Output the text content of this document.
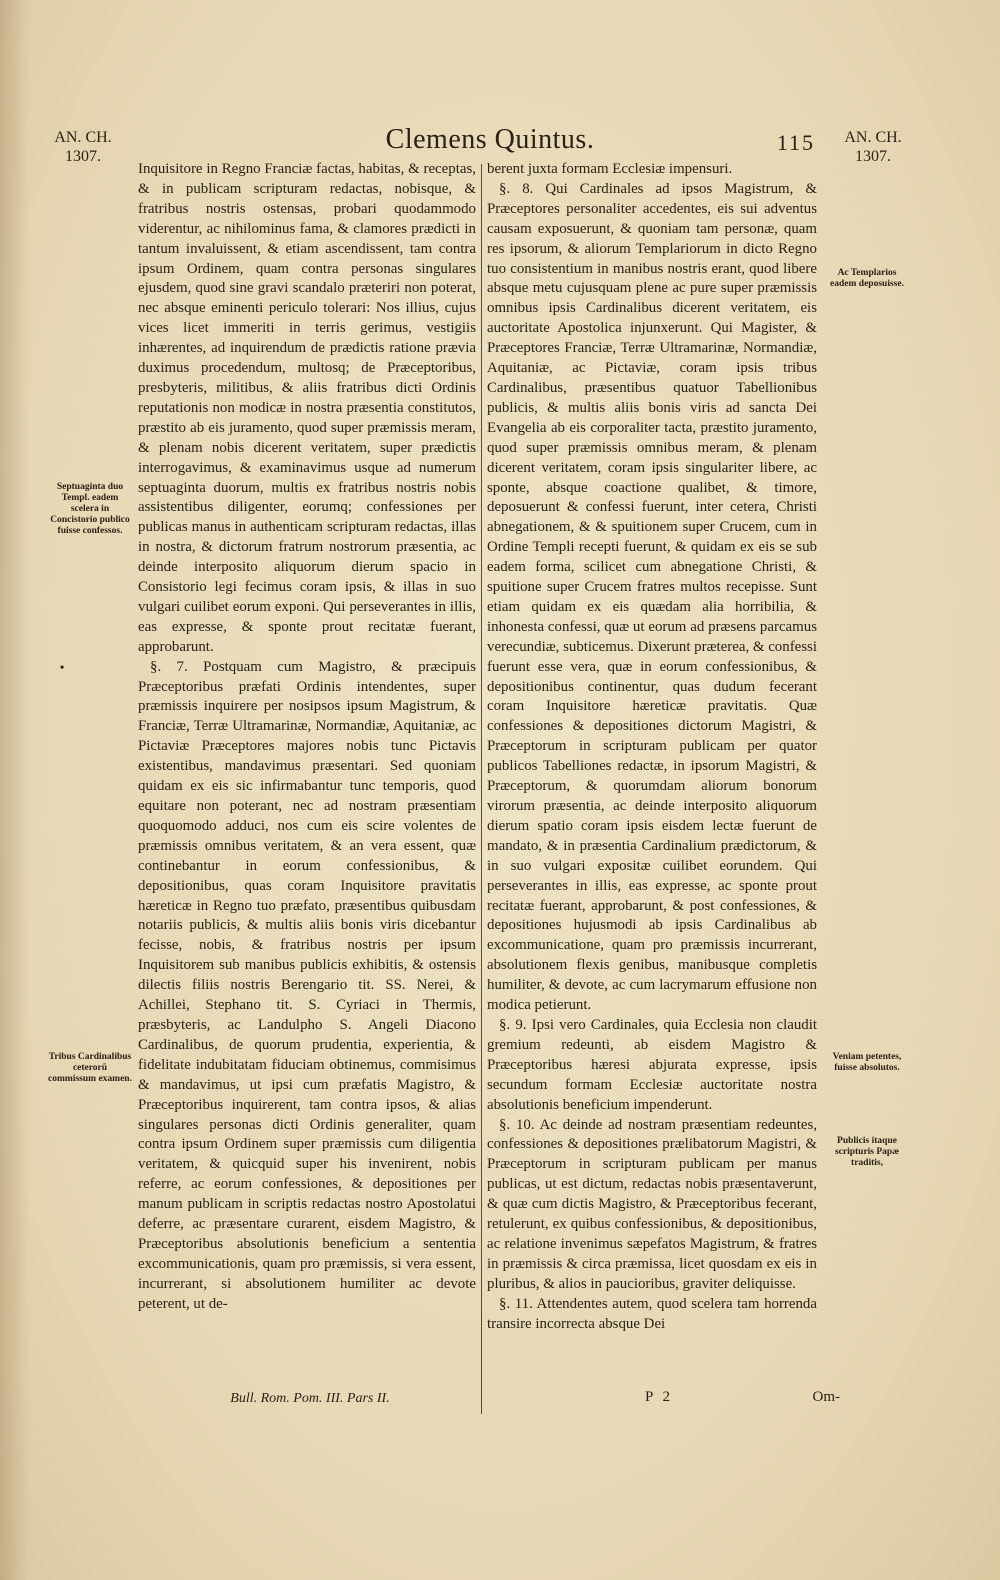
AN. CH.
1307.
Clemens Quintus.	115	AN. CH.
1307.

Inquisitore in Regno Franciæ factas, habitas, & receptas, & in publicam scripturam redactas, nobisque, & fratribus nostris ostensas, probari quodammodo viderentur, ac nihilominus fama, & clamores prædicti in tantum invaluissent, & etiam ascendissent, tam contra ipsum Ordinem, quam contra personas singulares ejusdem, quod sine gravi scandalo præteriri non poterat, nec absque eminenti periculo tolerari: Nos illius, cujus vices licet immeriti in terris gerimus, vestigiis inhærentes, ad inquirendum de prædictis ratione prævia duximus procedendum, multosq; de Præceptoribus, presbyteris, militibus, & aliis fratribus dicti Ordinis reputationis non modicæ in nostra præsentia constitutos, præstito ab eis juramento, quod super præmissis meram, & plenam nobis dicerent veritatem, super prædictis interrogavimus, & examinavimus usque ad numerum septuaginta duorum, multis ex fratribus nostris nobis assistentibus diligenter, eorumq; confessiones per publicas manus in authenticam scripturam redactas, illas in nostra, & dictorum fratrum nostrorum præsentia, ac deinde interposito aliquorum dierum spacio in Consistorio legi fecimus coram ipsis, & illas in suo vulgari cuilibet eorum exponi. Qui perseverantes in illis, eas expresse, & sponte prout recitatæ fuerant, approbarunt.

§. 7. Postquam cum Magistro, & præcipuis Præceptoribus præfati Ordinis intendentes, super præmissis inquirere per nosipsos ipsum Magistrum, & Franciæ, Terræ Ultramarinæ, Normandiæ, Aquitaniæ, ac Pictaviæ Præceptores majores nobis tunc Pictavis existentibus, mandavimus præsentari. Sed quoniam quidam ex eis sic infirmabantur tunc temporis, quod equitare non poterant, nec ad nostram præsentiam quoquomodo adduci, nos cum eis scire volentes de præmissis omnibus veritatem, & an vera essent, quæ continebantur in eorum confessionibus, & depositionibus, quas coram Inquisitore pravitatis hæreticæ in Regno tuo præfato, præsentibus quibusdam notariis publicis, & multis aliis bonis viris dicebantur fecisse, nobis, & fratribus nostris per ipsum Inquisitorem sub manibus publicis exhibitis, & ostensis dilectis filiis nostris Berengario tit. SS. Nerei, & Achillei, Stephano tit. S. Cyriaci in Thermis, præsbyteris, ac Landulpho S. Angeli Diacono Cardinalibus, de quorum prudentia, experientia, & fidelitate indubitatam fiduciam obtinemus, commisimus & mandavimus, ut ipsi cum præfatis Magistro, & Præceptoribus inquirerent, tam contra ipsos, & alias singulares personas dicti Ordinis generaliter, quam contra ipsum Ordinem super præmissis cum diligentia veritatem, & quicquid super his invenirent, nobis referre, ac eorum confessiones, & depositiones per manum publicam in scriptis redactas nostro Apostolatui deferre, ac præsentare curarent, eisdem Magistro, & Præceptoribus absolutionis beneficium a sententia excommunicationis, quam pro præmissis, si vera essent, incurrerant, si absolutionem humiliter ac devote peterent, ut de-

berent juxta formam Ecclesiæ impensuri.

§. 8. Qui Cardinales ad ipsos Magistrum, & Præceptores personaliter accedentes, eis sui adventus causam exposuerunt, & quoniam tam personæ, quam res ipsorum, & aliorum Templariorum in dicto Regno tuo consistentium in manibus nostris erant, quod libere absque metu cujusquam plene ac pure super præmissis omnibus ipsis Cardinalibus dicerent veritatem, eis auctoritate Apostolica injunxerunt. Qui Magister, & Præceptores Franciæ, Terræ Ultramarinæ, Normandiæ, Aquitaniæ, ac Pictaviæ, coram ipsis tribus Cardinalibus, præsentibus quatuor Tabellionibus publicis, & multis aliis bonis viris ad sancta Dei Evangelia ab eis corporaliter tacta, præstito juramento, quod super præmissis omnibus meram, & plenam dicerent veritatem, coram ipsis singulariter libere, ac sponte, absque coactione qualibet, & timore, deposuerunt & confessi fuerunt, inter cetera, Christi abnegationem, & & spuitionem super Crucem, cum in Ordine Templi recepti fuerunt, & quidam ex eis se sub eadem forma, scilicet cum abnegatione Christi, & spuitione super Crucem fratres multos recepisse. Sunt etiam quidam ex eis quædam alia horribilia, & inhonesta confessi, quæ ut eorum ad præsens parcamus verecundiæ, subticemus. Dixerunt præterea, & confessi fuerunt esse vera, quæ in eorum confessionibus, & depositionibus continentur, quas dudum fecerant coram Inquisitore hæreticæ pravitatis. Quæ confessiones & depositiones dictorum Magistri, & Præceptorum in scripturam publicam per quator publicos Tabelliones redactæ, in ipsorum Magistri, & Præceptorum, & quorumdam aliorum bonorum virorum præsentia, ac deinde interposito aliquorum dierum spatio coram ipsis eisdem lectæ fuerunt de mandato, & in præsentia Cardinalium prædictorum, & in suo vulgari expositæ cuilibet eorundem. Qui perseverantes in illis, eas expresse, ac sponte prout recitatæ fuerant, approbarunt, & post confessiones, & depositiones hujusmodi ab ipsis Cardinalibus ab excommunicatione, quam pro præmissis incurrerant, absolutionem flexis genibus, manibusque completis humiliter, & devote, ac cum lacrymarum effusione non modica petierunt.

§. 9. Ipsi vero Cardinales, quia Ecclesia non claudit gremium redeunti, ab eisdem Magistro & Præceptoribus hæresi abjurata expresse, ipsis secundum formam Ecclesiæ auctoritate nostra absolutionis beneficium impenderunt.

§. 10. Ac deinde ad nostram præsentiam redeuntes, confessiones & depositiones prælibatorum Magistri, & Præceptorum in scripturam publicam per manus publicas, ut est dictum, redactas nobis præsentaverunt, & quæ cum dictis Magistro, & Præceptoribus fecerant, retulerunt, ex quibus confessionibus, & depositionibus, ac relatione invenimus sæpefatos Magistrum, & fratres in præmissis & circa præmissa, licet quosdam ex eis in pluribus, & alios in paucioribus, graviter deliquisse.

§. 11. Attendentes autem, quod scelera tam horrenda transire incorrecta absque Dei

Septuaginta duo Templ. eadem scelera in Concistorio publico fuisse confessos.
•
Tribus Cardinalibus ceterorũ commissum examen.
Ac Templarios eadem deposuisse.
Veniam petentes, fuisse absolutos.
Publicis itaque scripturis Papæ traditis,
Bull. Rom. Pom. III. Pars II.	P 2	Om-
